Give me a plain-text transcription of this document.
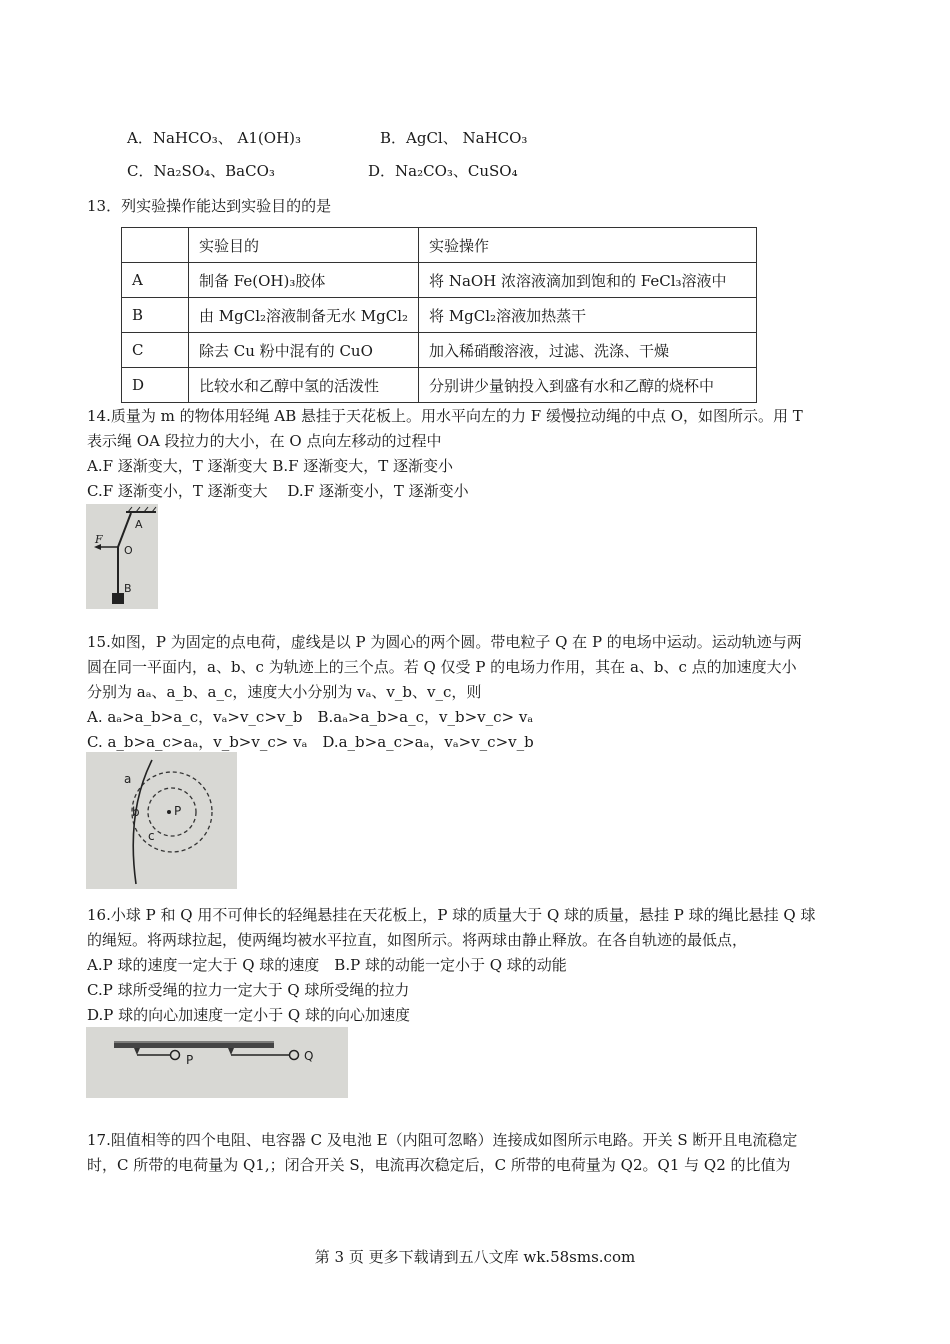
A．NaHCO₃、 A1(OH)₃	B．AgCl、 NaHCO₃
C．Na₂SO₄、BaCO₃	D．Na₂CO₃、CuSO₄
13．列实验操作能达到实验目的的是
	实验目的	实验操作
A	制备 Fe(OH)₃胶体	将 NaOH 浓溶液滴加到饱和的 FeCl₃溶液中
B	由 MgCl₂溶液制备无水 MgCl₂	将 MgCl₂溶液加热蒸干
C	除去 Cu 粉中混有的 CuO	加入稀硝酸溶液，过滤、洗涤、干燥
D	比较水和乙醇中氢的活泼性	分别讲少量钠投入到盛有水和乙醇的烧杯中
14.质量为 m 的物体用轻绳 AB 悬挂于天花板上。用水平向左的力 F 缓慢拉动绳的中点 O，如图所示。用 T
表示绳 OA 段拉力的大小，在 O 点向左移动的过程中
A.F 逐渐变大，T 逐渐变大 B.F 逐渐变大，T 逐渐变小
C.F 逐渐变小，T 逐渐变大　 D.F 逐渐变小，T 逐渐变小
A
O
B
F
15.如图，P 为固定的点电荷，虚线是以 P 为圆心的两个圆。带电粒子 Q 在 P 的电场中运动。运动轨迹与两
圆在同一平面内，a、b、c 为轨迹上的三个点。若 Q 仅受 P 的电场力作用，其在 a、b、c 点的加速度大小
分别为 aₐ、a_b、a_c，速度大小分别为 vₐ、v_b、v_c，则
A. aₐ>a_b>a_c，vₐ>v_c>v_b　B.aₐ>a_b>a_c，v_b>v_c> vₐ
C. a_b>a_c>aₐ，v_b>v_c> vₐ　D.a_b>a_c>aₐ，vₐ>v_c>v_b
P
a
b
c
16.小球 P 和 Q 用不可伸长的轻绳悬挂在天花板上，P 球的质量大于 Q 球的质量，悬挂 P 球的绳比悬挂 Q 球
的绳短。将两球拉起，使两绳均被水平拉直，如图所示。将两球由静止释放。在各自轨迹的最低点，
A.P 球的速度一定大于 Q 球的速度　B.P 球的动能一定小于 Q 球的动能
C.P 球所受绳的拉力一定大于 Q 球所受绳的拉力
D.P 球的向心加速度一定小于 Q 球的向心加速度
P	Q
17.阻值相等的四个电阻、电容器 C 及电池 E（内阻可忽略）连接成如图所示电路。开关 S 断开且电流稳定
时，C 所带的电荷量为 Q1,；闭合开关 S，电流再次稳定后，C 所带的电荷量为 Q2。Q1 与 Q2 的比值为
第 3 页 更多下载请到五八文库 wk.58sms.com
